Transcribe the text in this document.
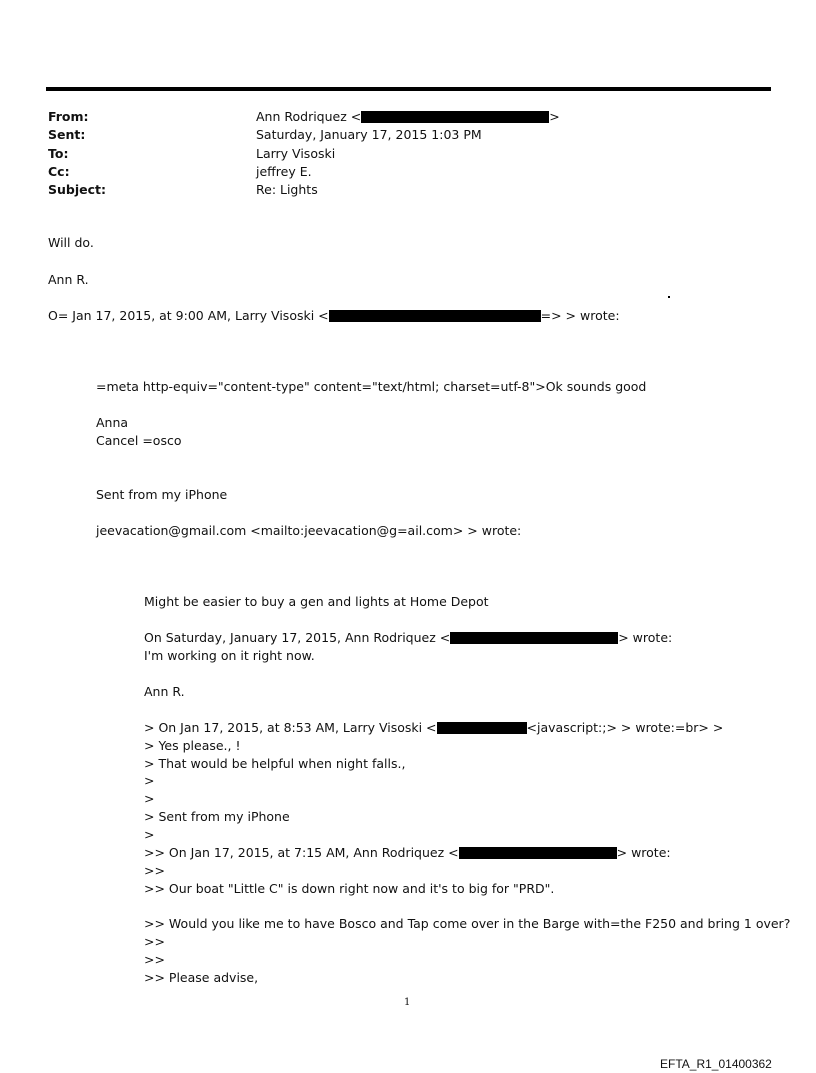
From:	Ann Rodriquez <	>
Sent:	Saturday, January 17, 2015 1:03 PM
To:	Larry Visoski
Cc:	jeffrey E.
Subject:	Re: Lights
Will do.
Ann R.
O= Jan 17, 2015, at 9:00 AM, Larry Visoski <	=> > wrote:
=meta http-equiv="content-type" content="text/html; charset=utf-8">Ok sounds good
Anna
Cancel =osco
Sent from my iPhone
jeevacation@gmail.com <mailto:jeevacation@g=ail.com> > wrote:
Might be easier to buy a gen and lights at Home Depot
On Saturday, January 17, 2015, Ann Rodriquez <	> wrote:
I'm working on it right now.
Ann R.
> On Jan 17, 2015, at 8:53 AM, Larry Visoski <	<javascript:;> > wrote:=br> >
> Yes please., !
> That would be helpful when night falls.,
>
>
> Sent from my iPhone
>
>> On Jan 17, 2015, at 7:15 AM, Ann Rodriquez <	> wrote:
>>
>> Our boat "Little C" is down right now and it's to big for "PRD".
>> Would you like me to have Bosco and Tap come over in the Barge with=the F250 and bring 1 over?
>>
>>
>> Please advise,
1
EFTA_R1_01400362
